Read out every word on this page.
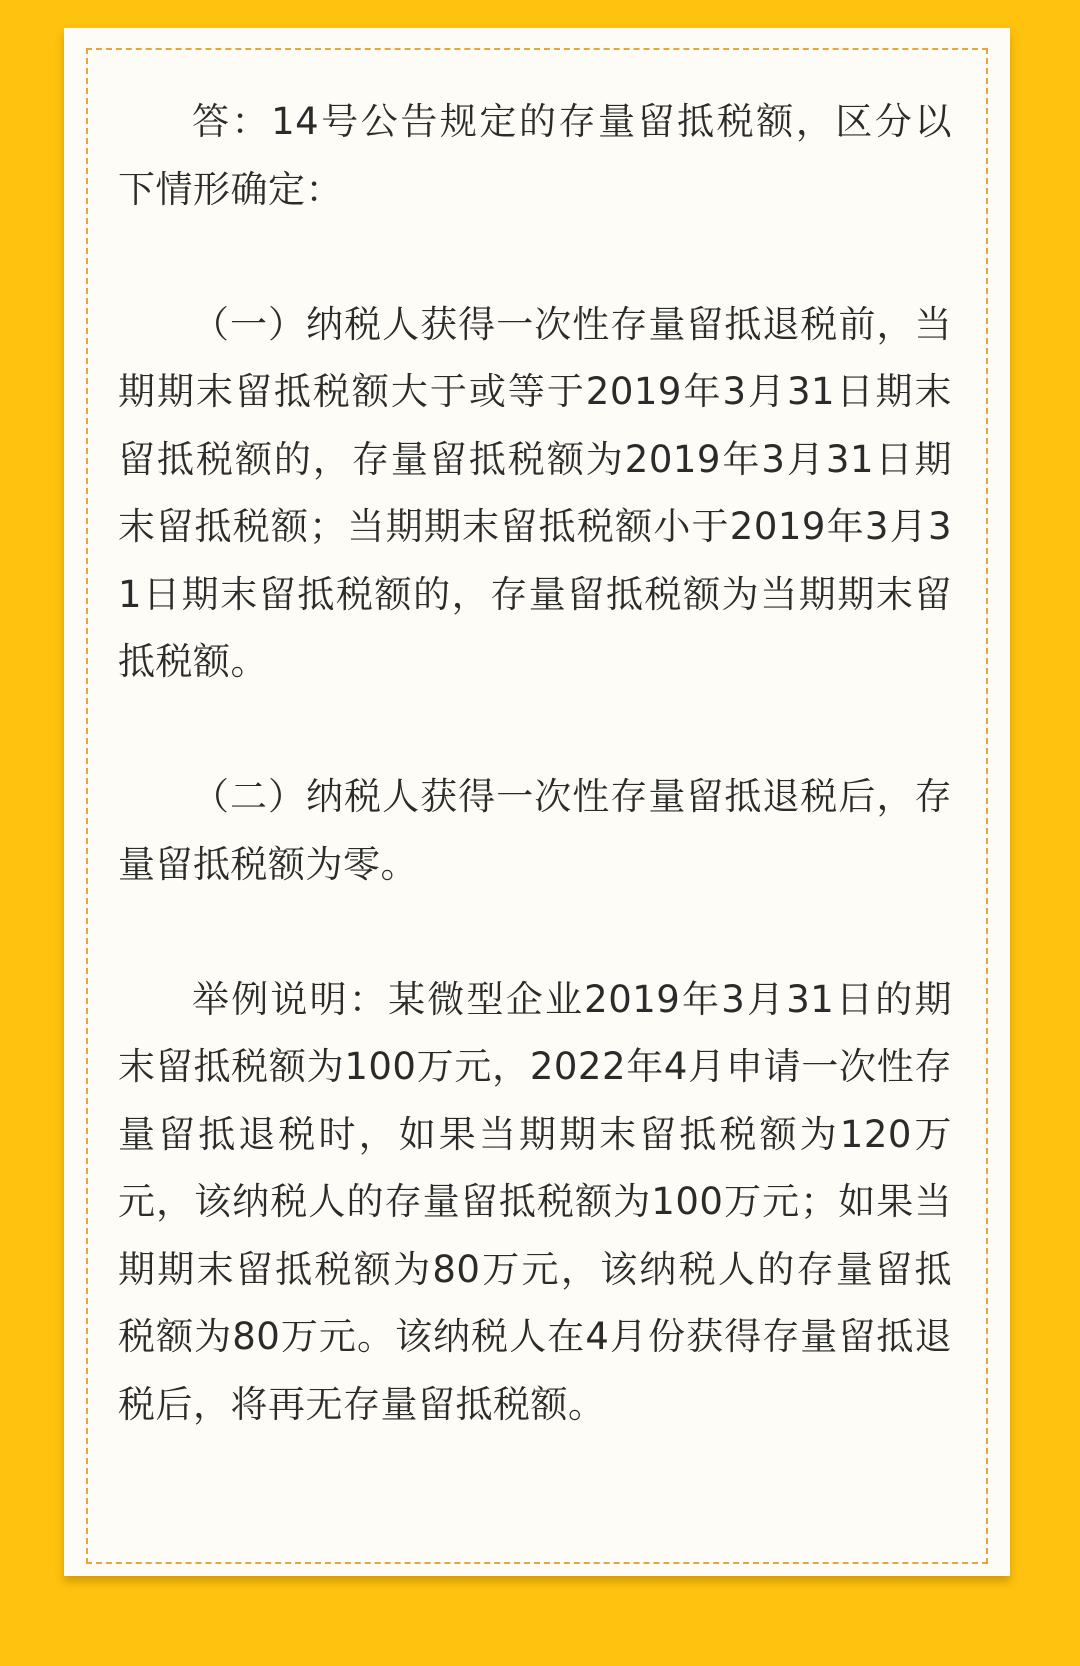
答：14号公告规定的存量留抵税额，区分以下情形确定：

（一）纳税人获得一次性存量留抵退税前，当期期末留抵税额大于或等于2019年3月31日期末留抵税额的，存量留抵税额为2019年3月31日期末留抵税额；当期期末留抵税额小于2019年3月31日期末留抵税额的，存量留抵税额为当期期末留抵税额。

（二）纳税人获得一次性存量留抵退税后，存量留抵税额为零。

举例说明：某微型企业2019年3月31日的期末留抵税额为100万元，2022年4月申请一次性存量留抵退税时，如果当期期末留抵税额为120万元，该纳税人的存量留抵税额为100万元；如果当期期末留抵税额为80万元，该纳税人的存量留抵税额为80万元。该纳税人在4月份获得存量留抵退税后，将再无存量留抵税额。
